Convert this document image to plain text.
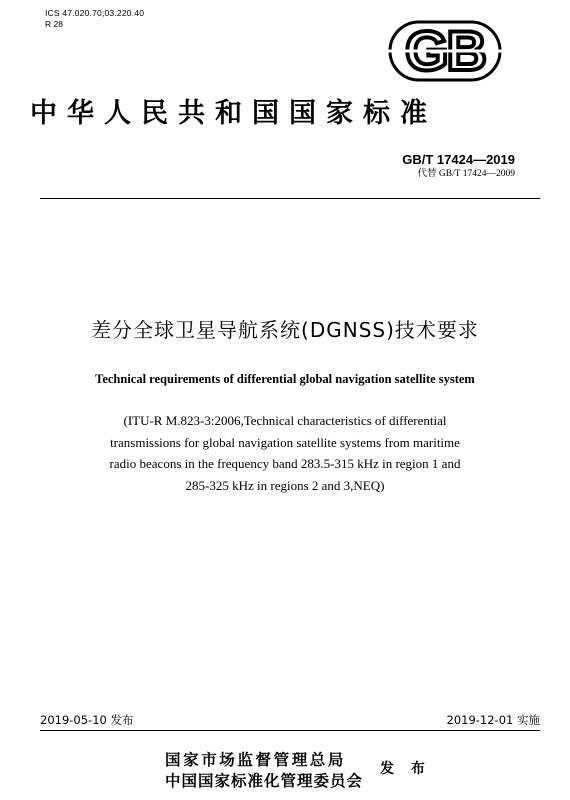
ICS 47.020.70;03.220.40
R 28	GB
中华人民共和国国家标准
GB/T 17424—2019
代替 GB/T 17424—2009
差分全球卫星导航系统(DGNSS)技术要求
Technical requirements of differential global navigation satellite system
(ITU-R M.823-3:2006,Technical characteristics of differential
transmissions for global navigation satellite systems from maritime
radio beacons in the frequency band 283.5-315 kHz in region 1 and
285-325 kHz in regions 2 and 3,NEQ)
2019-05-10 发布	2019-12-01 实施
国家市场监督管理总局
中国国家标准化管理委员会
发 布
